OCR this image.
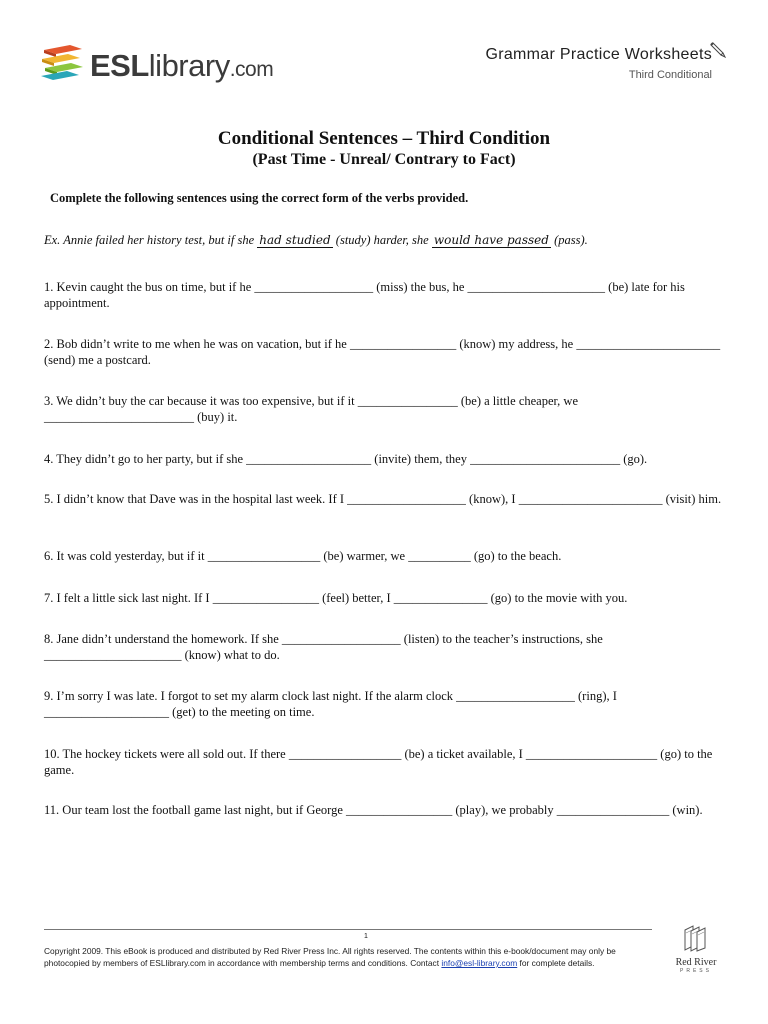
ESLlibrary.com
Grammar Practice Worksheets
Third Conditional
Conditional Sentences – Third Condition
(Past Time - Unreal/ Contrary to Fact)
Complete the following sentences using the correct form of the verbs provided.
Ex. Annie failed her history test, but if she had studied (study) harder, she would have passed (pass).
1. Kevin caught the bus on time, but if he ___________________ (miss) the bus, he ______________________ (be) late for his appointment.
2. Bob didn’t write to me when he was on vacation, but if he _________________ (know) my address, he _______________________ (send) me a postcard.
3. We didn’t buy the car because it was too expensive, but if it ________________ (be) a little cheaper, we ________________________ (buy) it.
4. They didn’t go to her party, but if she ____________________ (invite) them, they ________________________ (go).
5. I didn’t know that Dave was in the hospital last week. If I ___________________ (know), I _______________________ (visit) him.
6. It was cold yesterday, but if it __________________ (be) warmer, we __________ (go) to the beach.
7. I felt a little sick last night. If I _________________ (feel) better, I _______________ (go) to the movie with you.
8. Jane didn’t understand the homework. If she ___________________ (listen) to the teacher’s instructions, she ______________________ (know) what to do.
9. I’m sorry I was late. I forgot to set my alarm clock last night. If the alarm clock ___________________ (ring), I ____________________ (get) to the meeting on time.
10. The hockey tickets were all sold out. If there __________________ (be) a ticket available, I _____________________ (go) to the game.
11. Our team lost the football game last night, but if George _________________ (play), we probably __________________ (win).
1
Copyright 2009. This eBook is produced and distributed by Red River Press Inc. All rights reserved. The contents within this e-book/document may only be photocopied by members of ESLlibrary.com in accordance with membership terms and conditions. Contact info@esl-library.com for complete details.	Red River
PRESS
